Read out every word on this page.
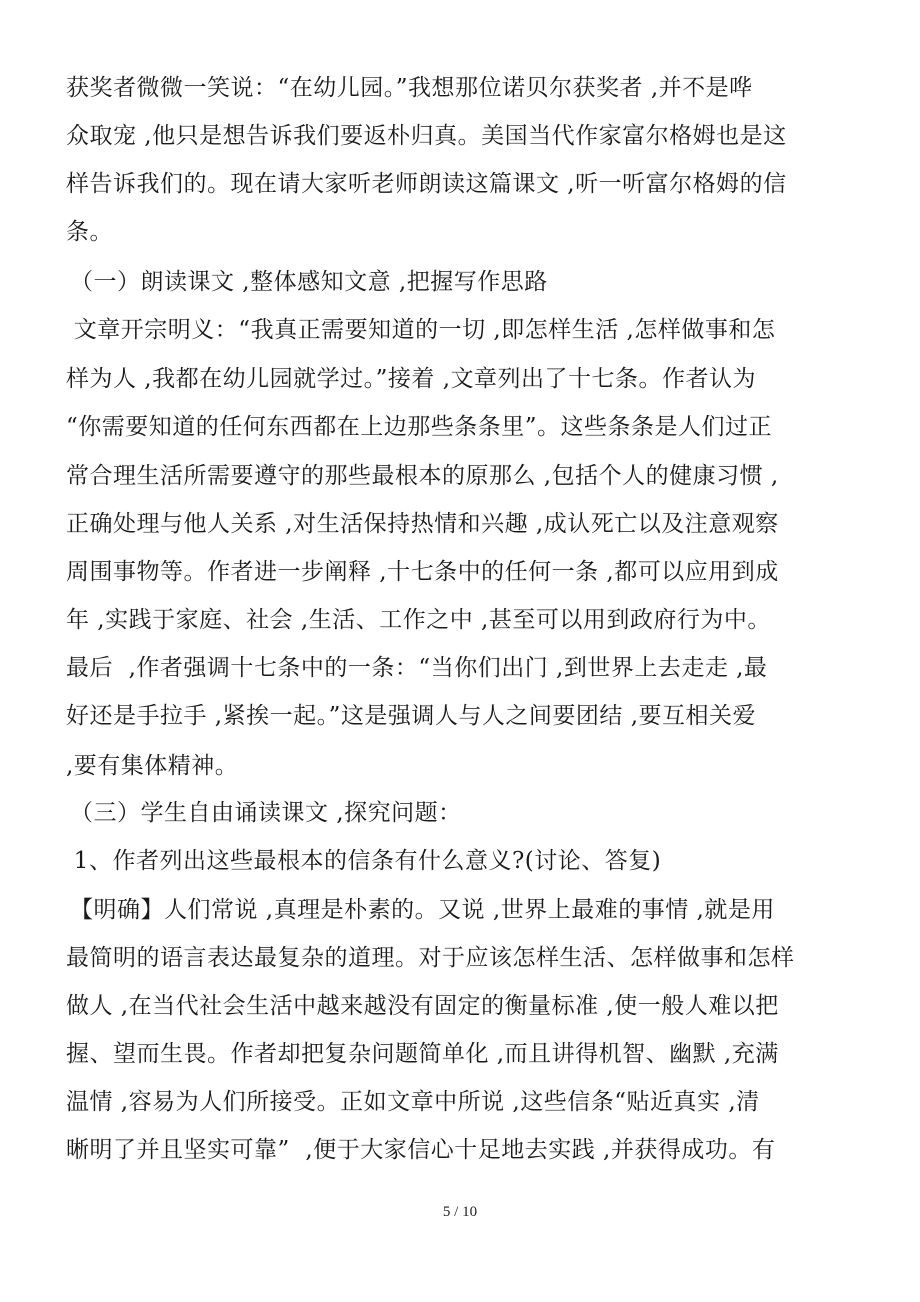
获奖者微微一笑说：“在幼儿园。”我想那位诺贝尔获奖者 ,并不是哗
众取宠 ,他只是想告诉我们要返朴归真。美国当代作家富尔格姆也是这
样告诉我们的。现在请大家听老师朗读这篇课文 ,听一听富尔格姆的信
条。
（一）朗读课文 ,整体感知文意 ,把握写作思路
文章开宗明义：“我真正需要知道的一切 ,即怎样生活 ,怎样做事和怎
样为人 ,我都在幼儿园就学过。”接着 ,文章列出了十七条。作者认为
“你需要知道的任何东西都在上边那些条条里”。这些条条是人们过正
常合理生活所需要遵守的那些最根本的原那么 ,包括个人的健康习惯 ,
正确处理与他人关系 ,对生活保持热情和兴趣 ,成认死亡以及注意观察
周围事物等。作者进一步阐释 ,十七条中的任何一条 ,都可以应用到成
年 ,实践于家庭、社会 ,生活、工作之中 ,甚至可以用到政府行为中。
最后  ,作者强调十七条中的一条：“当你们出门 ,到世界上去走走 ,最
好还是手拉手 ,紧挨一起。”这是强调人与人之间要团结 ,要互相关爱
,要有集体精神。
（三）学生自由诵读课文 ,探究问题：
1、作者列出这些最根本的信条有什么意义?(讨论、答复)
【明确】人们常说 ,真理是朴素的。又说 ,世界上最难的事情 ,就是用
最简明的语言表达最复杂的道理。对于应该怎样生活、怎样做事和怎样
做人 ,在当代社会生活中越来越没有固定的衡量标准 ,使一般人难以把
握、望而生畏。作者却把复杂问题简单化 ,而且讲得机智、幽默 ,充满
温情 ,容易为人们所接受。正如文章中所说 ,这些信条“贴近真实 ,清
晰明了并且坚实可靠”  ,便于大家信心十足地去实践 ,并获得成功。有
5 / 10
